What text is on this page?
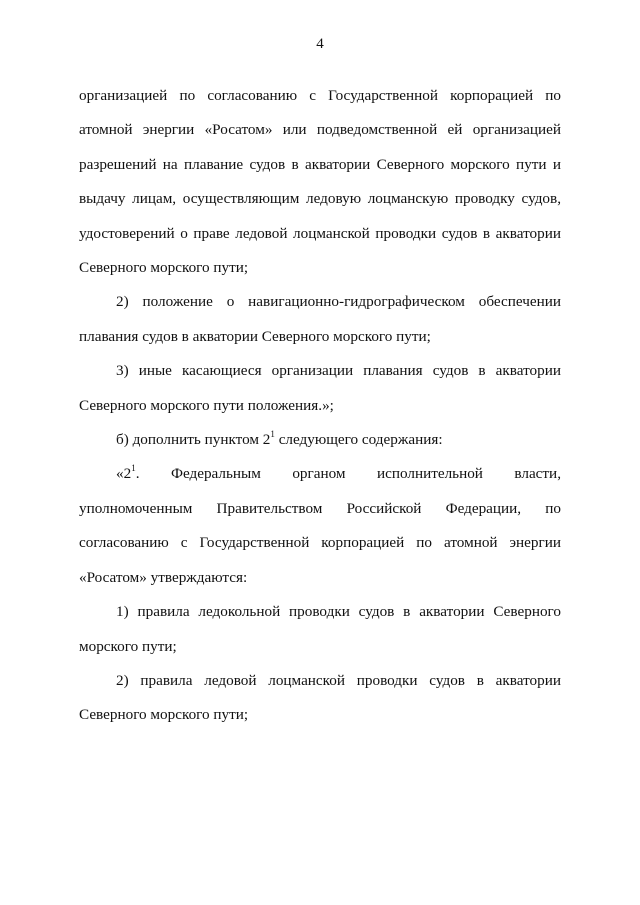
4

организацией по согласованию с Государственной корпорацией по атомной энергии «Росатом» или подведомственной ей организацией разрешений на плавание судов в акватории Северного морского пути и выдачу лицам, осуществляющим ледовую лоцманскую проводку судов, удостоверений о праве ледовой лоцманской проводки судов в акватории Северного морского пути;

2) положение о навигационно-гидрографическом обеспечении плавания судов в акватории Северного морского пути;

3) иные касающиеся организации плавания судов в акватории Северного морского пути положения.»;

б) дополнить пунктом $2^1$ следующего содержания:

«$2^1$. Федеральным органом исполнительной власти, уполномоченным Правительством Российской Федерации, по согласованию с Государственной корпорацией по атомной энергии «Росатом» утверждаются:

1) правила ледокольной проводки судов в акватории Северного морского пути;

2) правила ледовой лоцманской проводки судов в акватории Северного морского пути;
